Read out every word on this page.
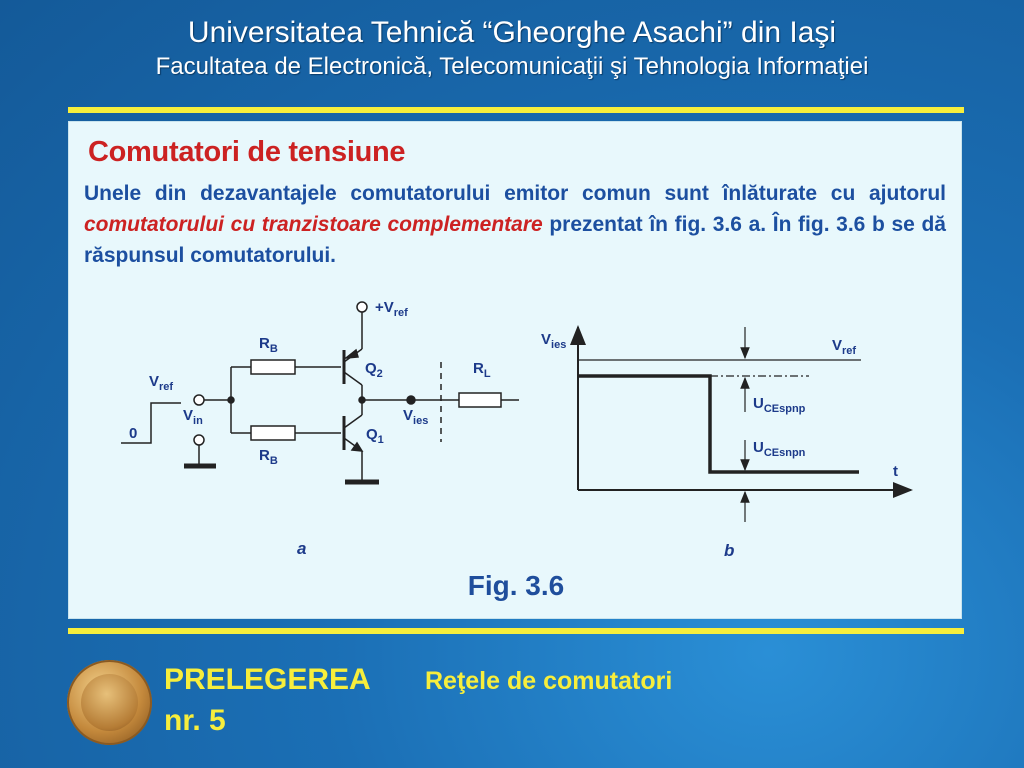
Universitatea Tehnică “Gheorghe Asachi” din Iaşi
Facultatea de Electronică, Telecomunicaţii şi Tehnologia Informaţiei
Comutatori de tensiune

Unele din dezavantajele comutatorului emitor comun sunt înlăturate cu ajutorul comutatorului cu tranzistoare complementare prezentat în fig. 3.6 a. În fig. 3.6 b se dă răspunsul comutatorului.

$+V_{ref}$
$R_B$
$R_B$
$Q_2$
$Q_1$
$R_L$
$V_{ref}$
0
$V_{in}$	$V_{ies}$
a
$V_{ies}$	$V_{ref}$
$U_{CEspnp}$
$U_{CEsnpn}$
t
b
Fig. 3.6
PRELEGEREA Reţele de comutatori
nr. 5
